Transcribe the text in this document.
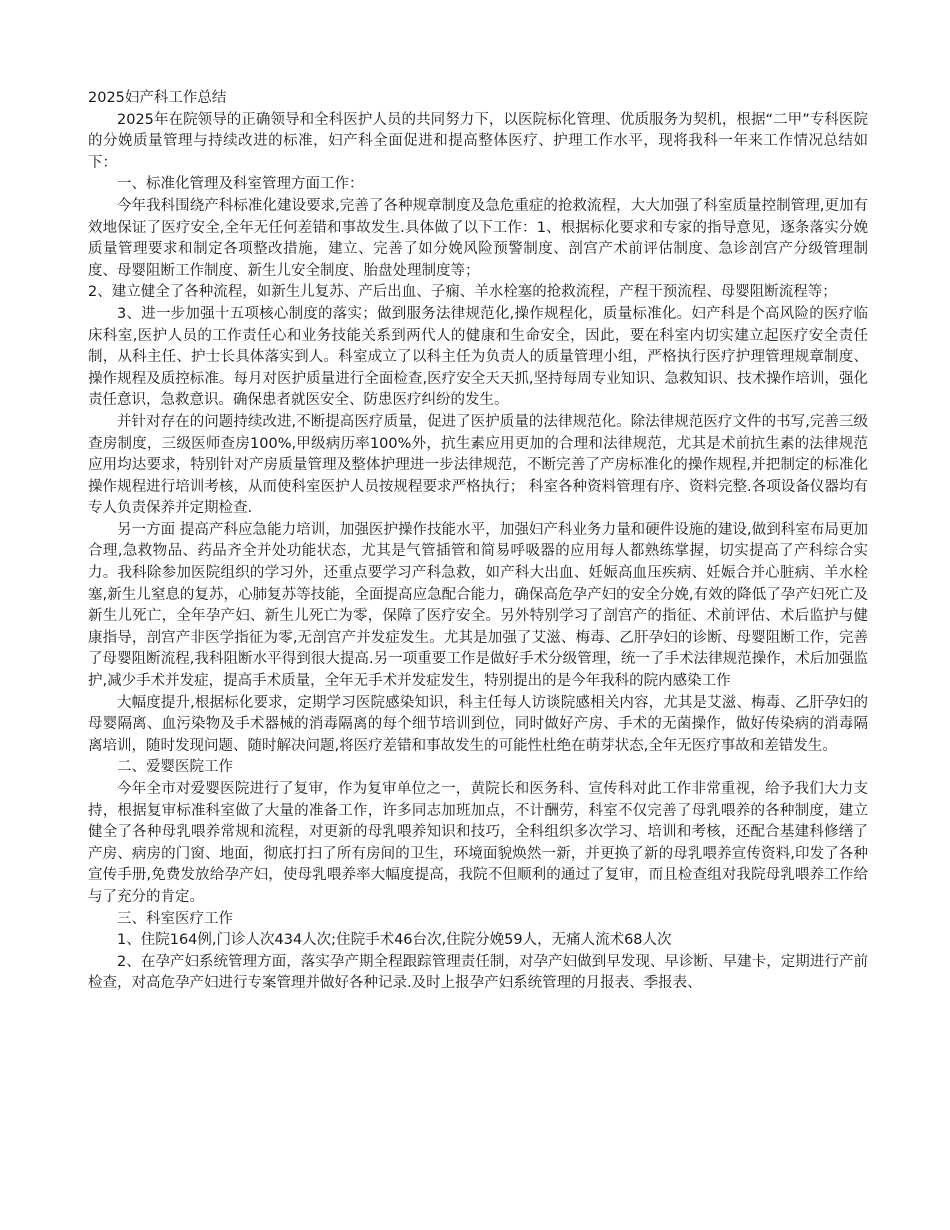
2025妇产科工作总结

2025年在院领导的正确领导和全科医护人员的共同努力下，以医院标化管理、优质服务为契机，根据“二甲”专科医院的分娩质量管理与持续改进的标准，妇产科全面促进和提高整体医疗、护理工作水平，现将我科一年来工作情况总结如下：

一、标准化管理及科室管理方面工作：

今年我科围绕产科标准化建设要求,完善了各种规章制度及急危重症的抢救流程，大大加强了科室质量控制管理,更加有效地保证了医疗安全,全年无任何差错和事故发生.具体做了以下工作：1、根据标化要求和专家的指导意见，逐条落实分娩质量管理要求和制定各项整改措施，建立、完善了如分娩风险预警制度、剖宫产术前评估制度、急诊剖宫产分级管理制度、母婴阻断工作制度、新生儿安全制度、胎盘处理制度等；

2、建立健全了各种流程，如新生儿复苏、产后出血、子痫、羊水栓塞的抢救流程，产程干预流程、母婴阻断流程等；

3、进一步加强十五项核心制度的落实；做到服务法律规范化,操作规程化，质量标准化。妇产科是个高风险的医疗临床科室,医护人员的工作责任心和业务技能关系到两代人的健康和生命安全，因此，要在科室内切实建立起医疗安全责任制，从科主任、护士长具体落实到人。科室成立了以科主任为负责人的质量管理小组，严格执行医疗护理管理规章制度、操作规程及质控标准。每月对医护质量进行全面检查,医疗安全天天抓,坚持每周专业知识、急救知识、技术操作培训，强化责任意识，急救意识。确保患者就医安全、防患医疗纠纷的发生。

并针对存在的问题持续改进,不断提高医疗质量，促进了医护质量的法律规范化。除法律规范医疗文件的书写,完善三级查房制度，三级医师查房100%,甲级病历率100%外，抗生素应用更加的合理和法律规范，尤其是术前抗生素的法律规范应用均达要求，特别针对产房质量管理及整体护理进一步法律规范，不断完善了产房标准化的操作规程,并把制定的标准化操作规程进行培训考核，从而使科室医护人员按规程要求严格执行； 科室各种资料管理有序、资料完整.各项设备仪器均有专人负责保养并定期检查.

另一方面 提高产科应急能力培训，加强医护操作技能水平，加强妇产科业务力量和硬件设施的建设,做到科室布局更加合理,急救物品、药品齐全并处功能状态，尤其是气管插管和简易呼吸器的应用每人都熟练掌握，切实提高了产科综合实力。我科除参加医院组织的学习外，还重点要学习产科急救，如产科大出血、妊娠高血压疾病、妊娠合并心脏病、羊水栓塞,新生儿窒息的复苏，心肺复苏等技能，全面提高应急配合能力，确保高危孕产妇的安全分娩,有效的降低了孕产妇死亡及新生儿死亡，全年孕产妇、新生儿死亡为零，保障了医疗安全。另外特别学习了剖宫产的指征、术前评估、术后监护与健康指导，剖宫产非医学指征为零,无剖宫产并发症发生。尤其是加强了艾滋、梅毒、乙肝孕妇的诊断、母婴阻断工作，完善了母婴阻断流程,我科阻断水平得到很大提高.另一项重要工作是做好手术分级管理，统一了手术法律规范操作，术后加强监护,减少手术并发症，提高手术质量，全年无手术并发症发生，特别提出的是今年我科的院内感染工作

大幅度提升,根据标化要求，定期学习医院感染知识，科主任每人访谈院感相关内容，尤其是艾滋、梅毒、乙肝孕妇的母婴隔离、血污染物及手术器械的消毒隔离的每个细节培训到位，同时做好产房、手术的无菌操作，做好传染病的消毒隔离培训，随时发现问题、随时解决问题,将医疗差错和事故发生的可能性杜绝在萌芽状态,全年无医疗事故和差错发生。

二、爱婴医院工作

今年全市对爱婴医院进行了复审，作为复审单位之一，黄院长和医务科、宣传科对此工作非常重视，给予我们大力支持，根据复审标准科室做了大量的准备工作，许多同志加班加点，不计酬劳，科室不仅完善了母乳喂养的各种制度，建立健全了各种母乳喂养常规和流程，对更新的母乳喂养知识和技巧，全科组织多次学习、培训和考核，还配合基建科修缮了产房、病房的门窗、地面，彻底打扫了所有房间的卫生，环境面貌焕然一新，并更换了新的母乳喂养宣传资料,印发了各种宣传手册,免费发放给孕产妇，使母乳喂养率大幅度提高，我院不但顺利的通过了复审，而且检查组对我院母乳喂养工作给与了充分的肯定。

三、科室医疗工作

1、住院164例,门诊人次434人次;住院手术46台次,住院分娩59人，无痛人流术68人次

2、在孕产妇系统管理方面，落实孕产期全程跟踪管理责任制，对孕产妇做到早发现、早诊断、早建卡，定期进行产前检查，对高危孕产妇进行专案管理并做好各种记录.及时上报孕产妇系统管理的月报表、季报表、
